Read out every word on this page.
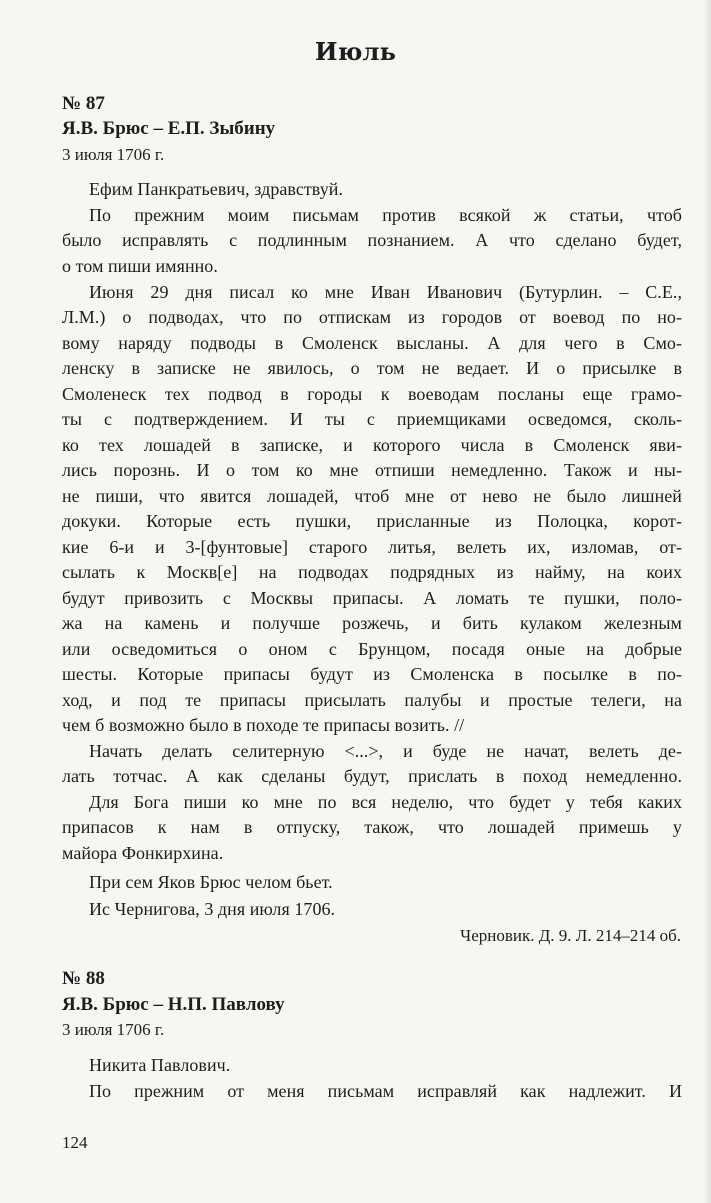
Июль
№ 87
Я.В. Брюс – Е.П. Зыбину
3 июля 1706 г.
Ефим Панкратьевич, здравствуй.
По прежним моим письмам против всякой ж статьи, чтоб
было исправлять с подлинным познанием. А что сделано будет,
о том пиши имянно.
Июня 29 дня писал ко мне Иван Иванович (Бутурлин. – С.Е.,
Л.М.) о подводах, что по отпискам из городов от воевод по но-
вому наряду подводы в Смоленск высланы. А для чего в Смо-
ленску в записке не явилось, о том не ведает. И о присылке в
Смоленеск тех подвод в городы к воеводам посланы еще грамо-
ты с подтверждением. И ты с приемщиками осведомся, сколь-
ко тех лошадей в записке, и которого числа в Смоленск яви-
лись порознь. И о том ко мне отпиши немедленно. Також и ны-
не пиши, что явится лошадей, чтоб мне от нево не было лишней
докуки. Которые есть пушки, присланные из Полоцка, корот-
кие 6-и и 3-[фунтовые] старого литья, велеть их, изломав, от-
сылать к Москв[е] на подводах подрядных из найму, на коих
будут привозить с Москвы припасы. А ломать те пушки, поло-
жа на камень и получше розжечь, и бить кулаком железным
или осведомиться о оном с Брунцом, посадя оные на добрые
шесты. Которые припасы будут из Смоленска в посылке в по-
ход, и под те припасы присылать палубы и простые телеги, на
чем б возможно было в походе те припасы возить. //
Начать делать селитерную <...>, и буде не начат, велеть де-
лать тотчас. А как сделаны будут, прислать в поход немедленно.
Для Бога пиши ко мне по вся неделю, что будет у тебя каких
припасов к нам в отпуску, також, что лошадей примешь у
майора Фонкирхина.
При сем Яков Брюс челом бьет.
Ис Чернигова, 3 дня июля 1706.
Черновик. Д. 9. Л. 214–214 об.
№ 88
Я.В. Брюс – Н.П. Павлову
3 июля 1706 г.
Никита Павлович.
По прежним от меня письмам исправляй как надлежит. И
124
